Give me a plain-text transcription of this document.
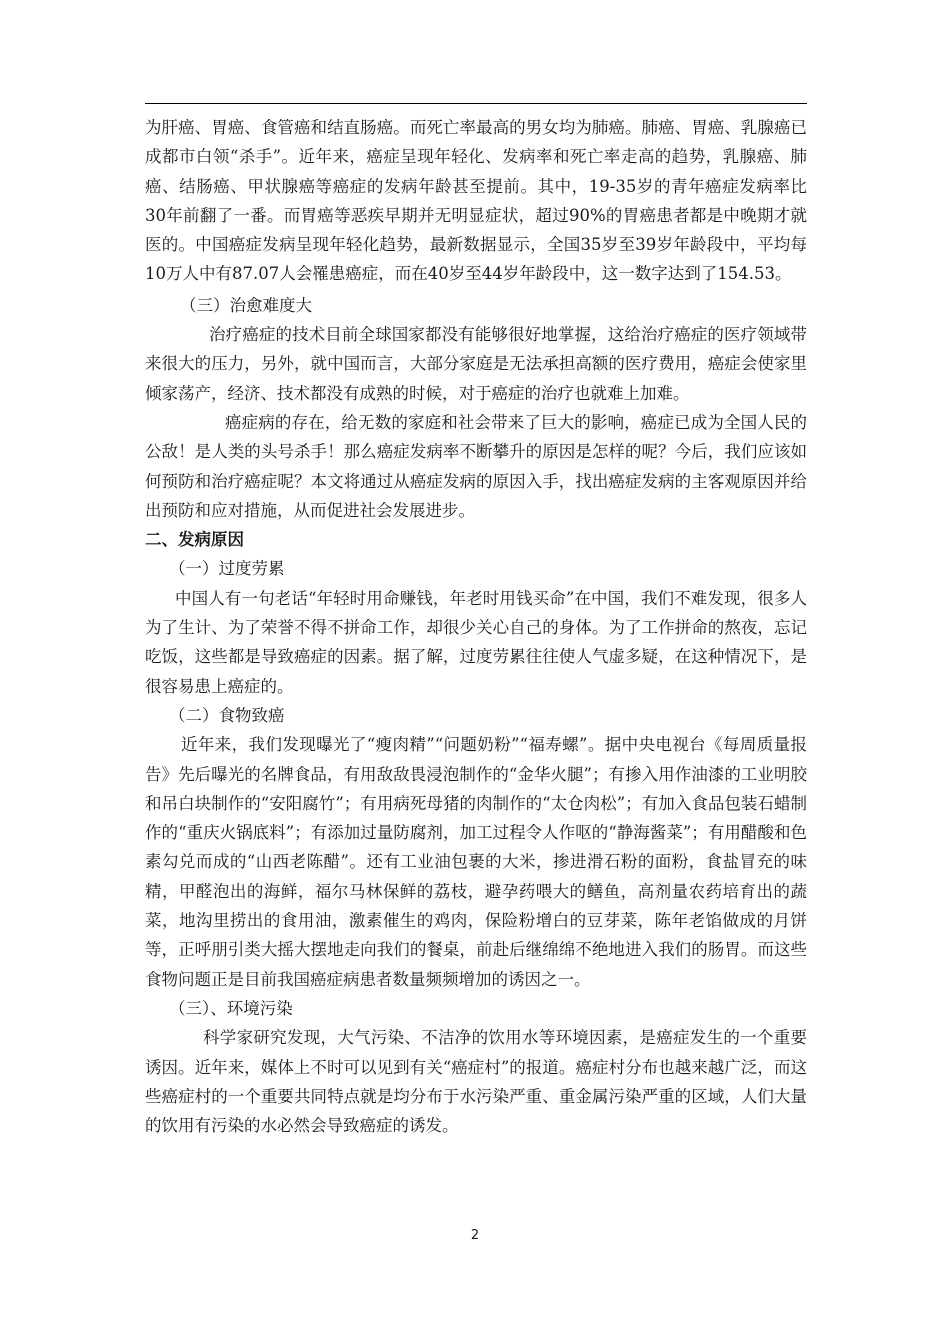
为肝癌、胃癌、食管癌和结直肠癌。而死亡率最高的男女均为肺癌。肺癌、胃癌、乳腺癌已成都市白领“杀手”。近年来，癌症呈现年轻化、发病率和死亡率走高的趋势，乳腺癌、肺癌、结肠癌、甲状腺癌等癌症的发病年龄甚至提前。其中，19-35岁的青年癌症发病率比30年前翻了一番。而胃癌等恶疾早期并无明显症状，超过90%的胃癌患者都是中晚期才就医的。中国癌症发病呈现年轻化趋势，最新数据显示，全国35岁至39岁年龄段中，平均每10万人中有87.07人会罹患癌症，而在40岁至44岁年龄段中，这一数字达到了154.53。

（三）治愈难度大

治疗癌症的技术目前全球国家都没有能够很好地掌握，这给治疗癌症的医疗领域带来很大的压力，另外，就中国而言，大部分家庭是无法承担高额的医疗费用，癌症会使家里倾家荡产，经济、技术都没有成熟的时候，对于癌症的治疗也就难上加难。

癌症病的存在，给无数的家庭和社会带来了巨大的影响，癌症已成为全国人民的公敌！是人类的头号杀手！那么癌症发病率不断攀升的原因是怎样的呢？今后，我们应该如何预防和治疗癌症呢？本文将通过从癌症发病的原因入手，找出癌症发病的主客观原因并给出预防和应对措施，从而促进社会发展进步。

二、发病原因

（一）过度劳累

中国人有一句老话“年轻时用命赚钱，年老时用钱买命”在中国，我们不难发现，很多人为了生计、为了荣誉不得不拼命工作，却很少关心自己的身体。为了工作拼命的熬夜，忘记吃饭，这些都是导致癌症的因素。据了解，过度劳累往往使人气虚多疑，在这种情况下，是很容易患上癌症的。

（二）食物致癌

近年来，我们发现曝光了“瘦肉精”“问题奶粉”“福寿螺”。据中央电视台《每周质量报告》先后曝光的名牌食品，有用敌敌畏浸泡制作的“金华火腿”；有掺入用作油漆的工业明胶和吊白块制作的“安阳腐竹”；有用病死母猪的肉制作的“太仓肉松”；有加入食品包装石蜡制作的“重庆火锅底料”；有添加过量防腐剂，加工过程令人作呕的“静海酱菜”；有用醋酸和色素勾兑而成的“山西老陈醋”。还有工业油包裹的大米，掺进滑石粉的面粉，食盐冒充的味精，甲醛泡出的海鲜，福尔马林保鲜的荔枝，避孕药喂大的鳝鱼，高剂量农药培育出的蔬菜，地沟里捞出的食用油，激素催生的鸡肉，保险粉增白的豆芽菜，陈年老馅做成的月饼等，正呼朋引类大摇大摆地走向我们的餐桌，前赴后继绵绵不绝地进入我们的肠胃。而这些食物问题正是目前我国癌症病患者数量频频增加的诱因之一。

（三）、环境污染

科学家研究发现，大气污染、不洁净的饮用水等环境因素，是癌症发生的一个重要诱因。近年来，媒体上不时可以见到有关“癌症村”的报道。癌症村分布也越来越广泛，而这些癌症村的一个重要共同特点就是均分布于水污染严重、重金属污染严重的区域，人们大量的饮用有污染的水必然会导致癌症的诱发。

2
